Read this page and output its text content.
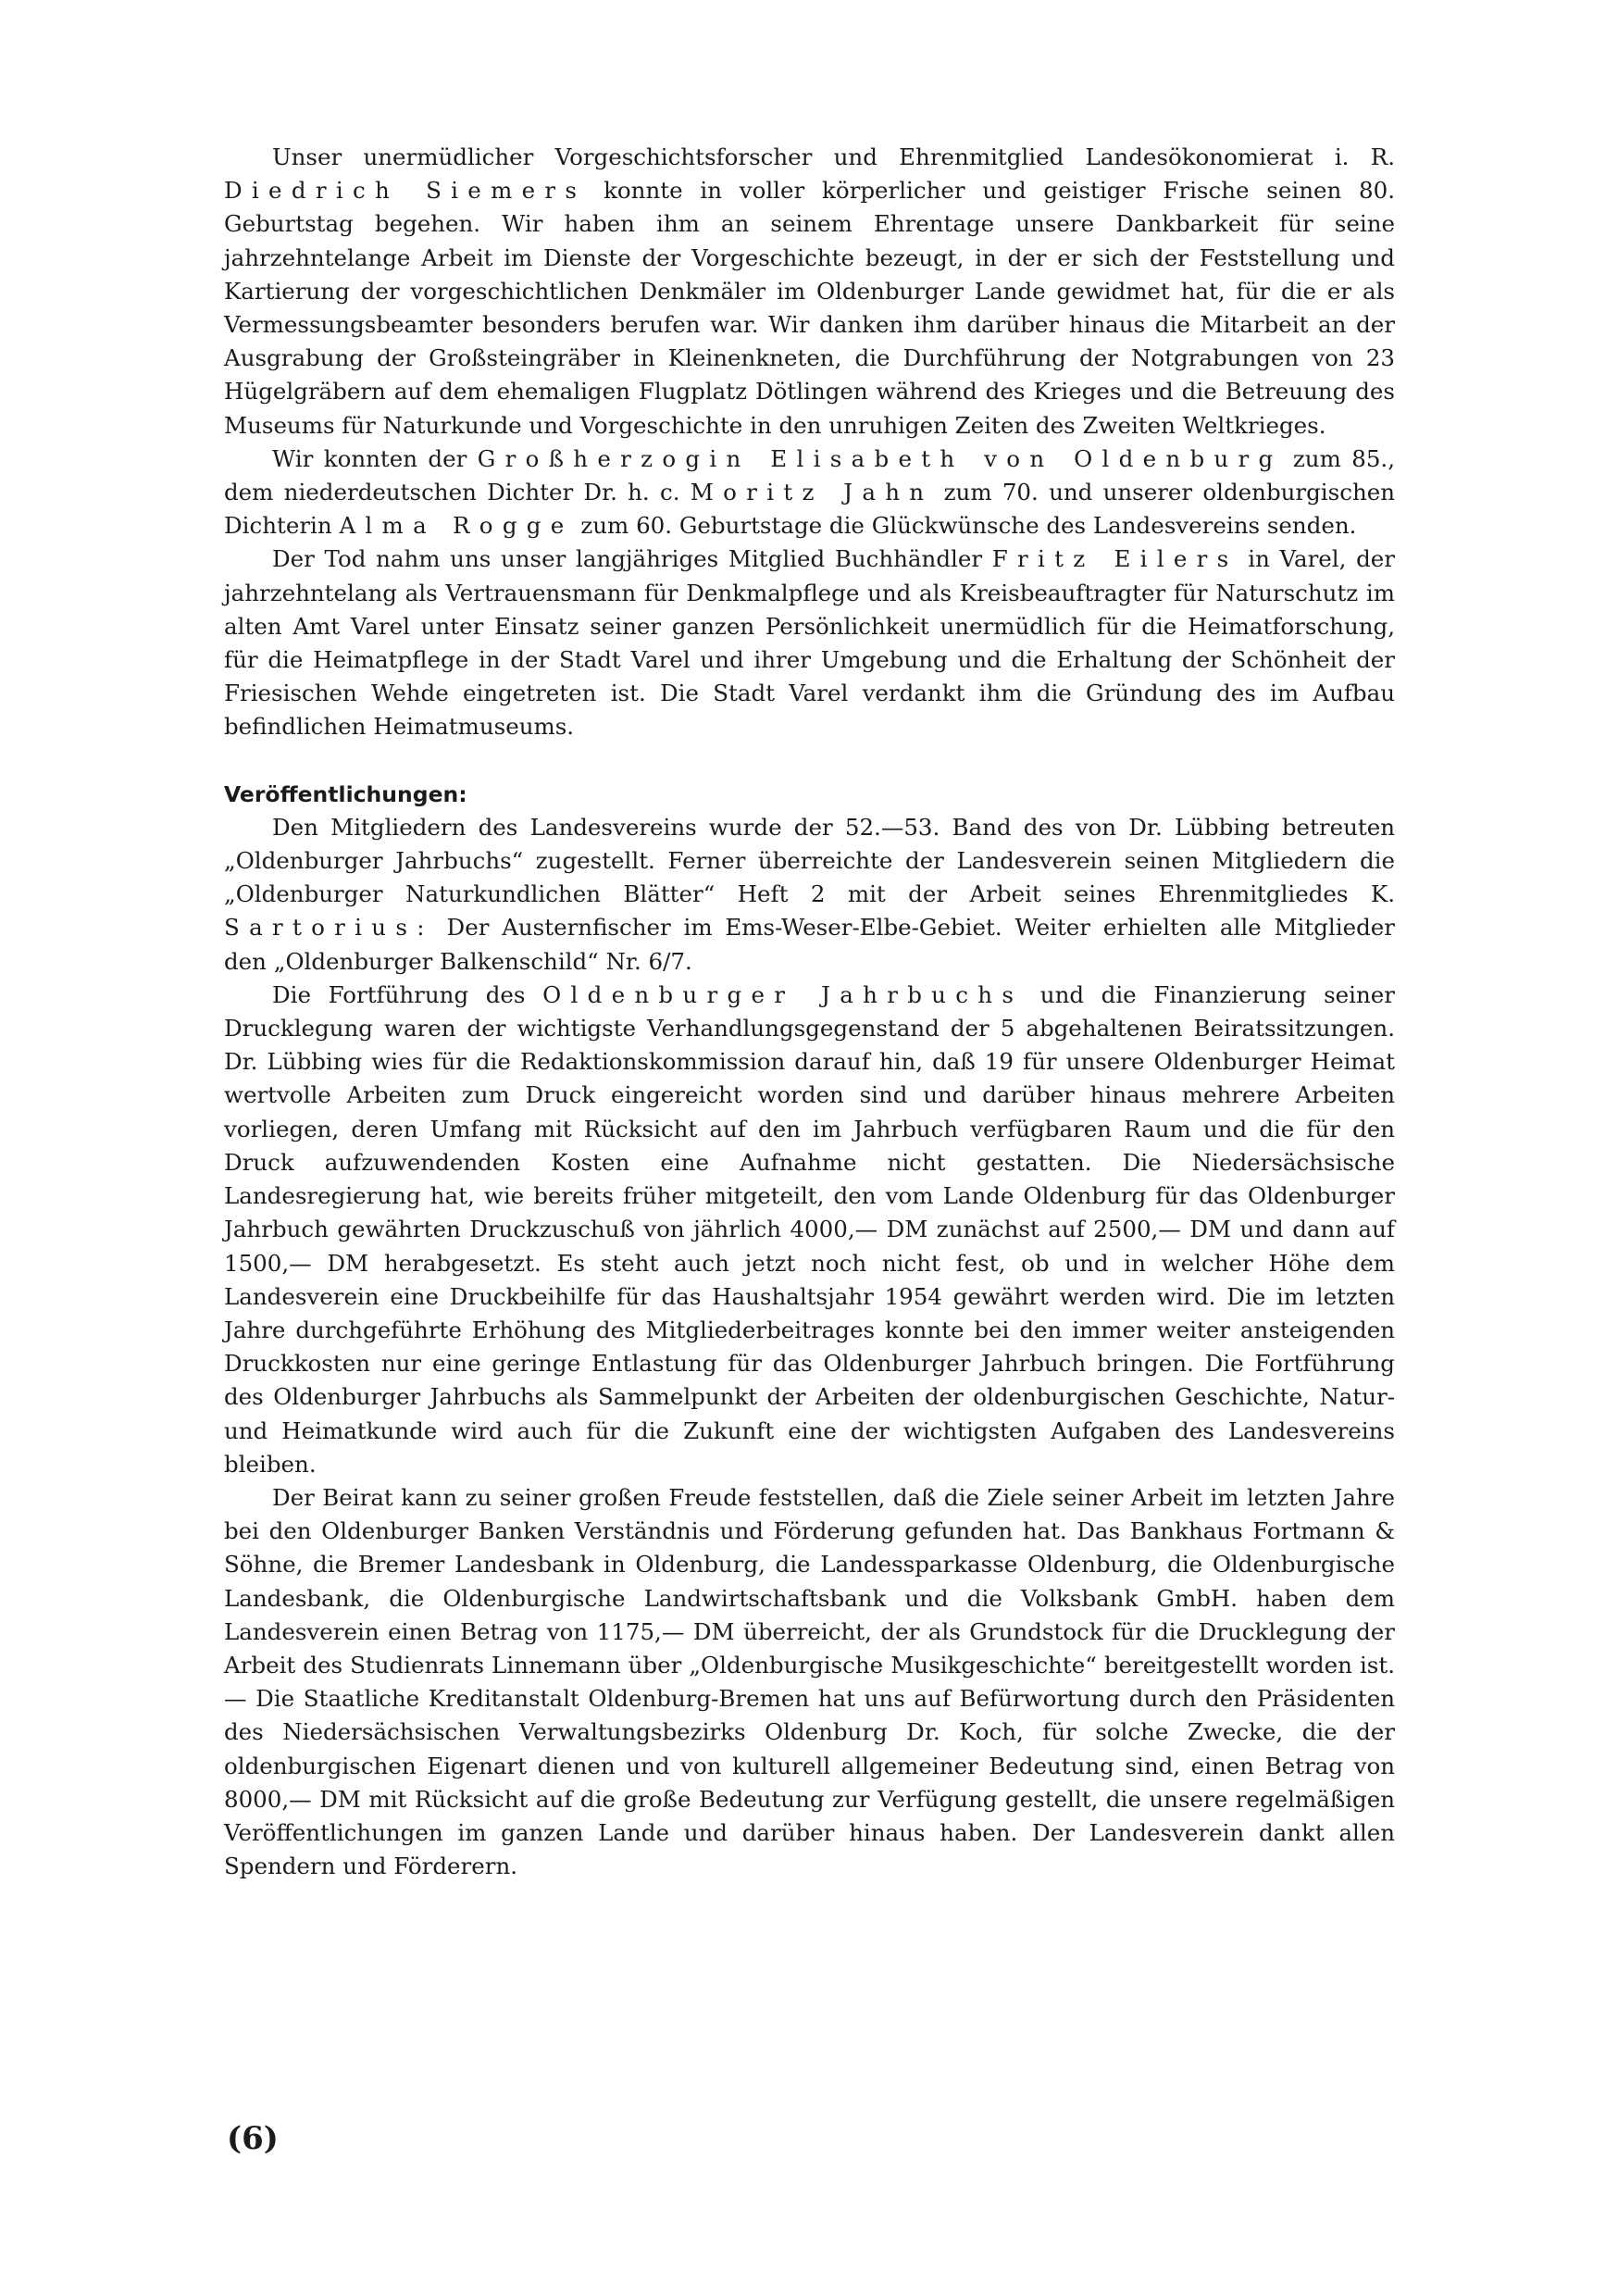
Unser unermüdlicher Vorgeschichtsforscher und Ehrenmitglied Landesökonomierat i. R. Diedrich Siemers konnte in voller körperlicher und geistiger Frische seinen 80. Geburtstag begehen. Wir haben ihm an seinem Ehrentage unsere Dankbarkeit für seine jahrzehntelange Arbeit im Dienste der Vorgeschichte bezeugt, in der er sich der Feststellung und Kartierung der vorgeschichtlichen Denkmäler im Oldenburger Lande gewidmet hat, für die er als Vermessungsbeamter besonders berufen war. Wir danken ihm darüber hinaus die Mitarbeit an der Ausgrabung der Großsteingräber in Kleinenkneten, die Durchführung der Notgrabungen von 23 Hügelgräbern auf dem ehemaligen Flugplatz Dötlingen während des Krieges und die Betreuung des Museums für Naturkunde und Vorgeschichte in den unruhigen Zeiten des Zweiten Weltkrieges.

Wir konnten der Großherzogin Elisabeth von Oldenburg zum 85., dem niederdeutschen Dichter Dr. h. c. Moritz Jahn zum 70. und unserer oldenburgischen Dichterin Alma Rogge zum 60. Geburtstage die Glückwünsche des Landesvereins senden.

Der Tod nahm uns unser langjähriges Mitglied Buchhändler Fritz Eilers in Varel, der jahrzehntelang als Vertrauensmann für Denkmalpflege und als Kreisbeauftragter für Naturschutz im alten Amt Varel unter Einsatz seiner ganzen Persönlichkeit unermüdlich für die Heimatforschung, für die Heimatpflege in der Stadt Varel und ihrer Umgebung und die Erhaltung der Schönheit der Friesischen Wehde eingetreten ist. Die Stadt Varel verdankt ihm die Gründung des im Aufbau befindlichen Heimatmuseums.

Veröffentlichungen:

Den Mitgliedern des Landesvereins wurde der 52.—53. Band des von Dr. Lübbing betreuten „Oldenburger Jahrbuchs“ zugestellt. Ferner überreichte der Landesverein seinen Mitgliedern die „Oldenburger Naturkundlichen Blätter“ Heft 2 mit der Arbeit seines Ehrenmitgliedes K. Sartorius: Der Austernfischer im Ems-Weser-Elbe-Gebiet. Weiter erhielten alle Mitglieder den „Oldenburger Balkenschild“ Nr. 6/7.

Die Fortführung des Oldenburger Jahrbuchs und die Finanzierung seiner Drucklegung waren der wichtigste Verhandlungsgegenstand der 5 abgehaltenen Beiratssitzungen. Dr. Lübbing wies für die Redaktionskommission darauf hin, daß 19 für unsere Oldenburger Heimat wertvolle Arbeiten zum Druck eingereicht worden sind und darüber hinaus mehrere Arbeiten vorliegen, deren Umfang mit Rücksicht auf den im Jahrbuch verfügbaren Raum und die für den Druck aufzuwendenden Kosten eine Aufnahme nicht gestatten. Die Niedersächsische Landesregierung hat, wie bereits früher mitgeteilt, den vom Lande Oldenburg für das Oldenburger Jahrbuch gewährten Druckzuschuß von jährlich 4000,— DM zunächst auf 2500,— DM und dann auf 1500,— DM herabgesetzt. Es steht auch jetzt noch nicht fest, ob und in welcher Höhe dem Landesverein eine Druckbeihilfe für das Haushaltsjahr 1954 gewährt werden wird. Die im letzten Jahre durchgeführte Erhöhung des Mitgliederbeitrages konnte bei den immer weiter ansteigenden Druckkosten nur eine geringe Entlastung für das Oldenburger Jahrbuch bringen. Die Fortführung des Oldenburger Jahrbuchs als Sammelpunkt der Arbeiten der oldenburgischen Geschichte, Natur- und Heimatkunde wird auch für die Zukunft eine der wichtigsten Aufgaben des Landesvereins bleiben.

Der Beirat kann zu seiner großen Freude feststellen, daß die Ziele seiner Arbeit im letzten Jahre bei den Oldenburger Banken Verständnis und Förderung gefunden hat. Das Bankhaus Fortmann & Söhne, die Bremer Landesbank in Oldenburg, die Landessparkasse Oldenburg, die Oldenburgische Landesbank, die Oldenburgische Landwirtschaftsbank und die Volksbank GmbH. haben dem Landesverein einen Betrag von 1175,— DM überreicht, der als Grundstock für die Drucklegung der Arbeit des Studienrats Linnemann über „Oldenburgische Musikgeschichte“ bereitgestellt worden ist. — Die Staatliche Kreditanstalt Oldenburg-Bremen hat uns auf Befürwortung durch den Präsidenten des Niedersächsischen Verwaltungsbezirks Oldenburg Dr. Koch, für solche Zwecke, die der oldenburgischen Eigenart dienen und von kulturell allgemeiner Bedeutung sind, einen Betrag von 8000,— DM mit Rücksicht auf die große Bedeutung zur Verfügung gestellt, die unsere regelmäßigen Veröffentlichungen im ganzen Lande und darüber hinaus haben. Der Landesverein dankt allen Spendern und Förderern.

(6)
